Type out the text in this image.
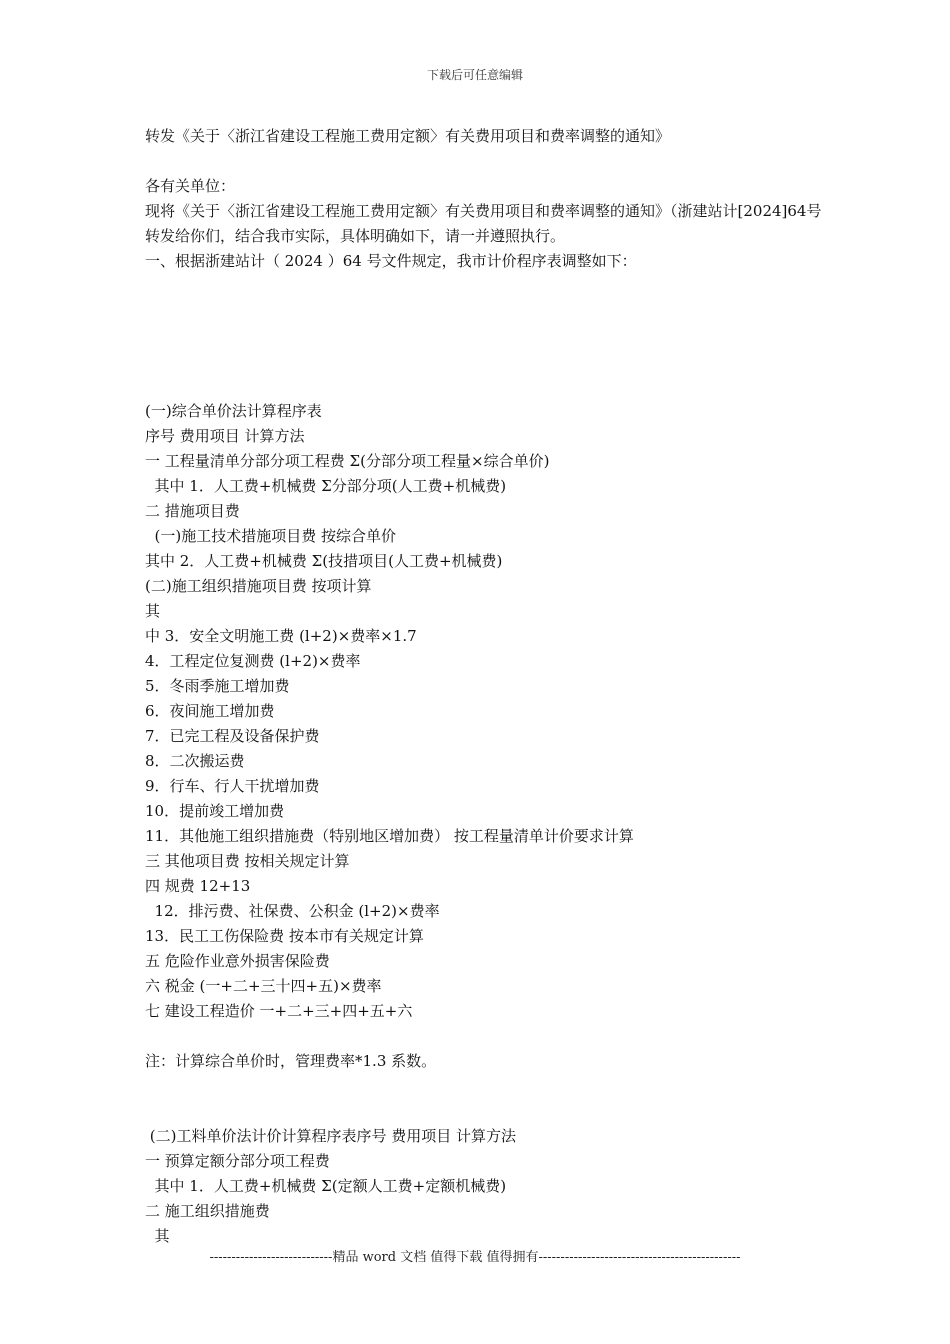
下载后可任意编辑
转发《关于〈浙江省建设工程施工费用定额〉有关费用项目和费率调整的通知》
各有关单位：
现将《关于〈浙江省建设工程施工费用定额〉有关费用项目和费率调整的通知》（浙建站计[2024]64号转发给你们，结合我市实际，具体明确如下，请一并遵照执行。
一、根据浙建站计（ 2024 ）64 号文件规定，我市计价程序表调整如下：
(一)综合单价法计算程序表
序号 费用项目 计算方法
一 工程量清单分部分项工程费 Σ(分部分项工程量×综合单价)
其中 1．人工费+机械费 Σ分部分项(人工费+机械费)
二 措施项目费
(一)施工技术措施项目费 按综合单价
其中 2．人工费+机械费 Σ(技措项目(人工费+机械费)
(二)施工组织措施项目费 按项计算
其
中 3．安全文明施工费 (l+2)×费率×1.7
4．工程定位复测费 (l+2)×费率
5．冬雨季施工增加费
6．夜间施工增加费
7．已完工程及设备保护费
8．二次搬运费
9．行车、行人干扰增加费
10．提前竣工增加费
11．其他施工组织措施费（特别地区增加费） 按工程量清单计价要求计算
三 其他项目费 按相关规定计算
四 规费 12+13
12．排污费、社保费、公积金 (l+2)×费率
13．民工工伤保险费 按本市有关规定计算
五 危险作业意外损害保险费
六 税金 (一+二+三十四+五)×费率
七 建设工程造价 一+二+三+四+五+六
注：计算综合单价时，管理费率*1.3 系数。
(二)工料单价法计价计算程序表序号 费用项目 计算方法
一 预算定额分部分项工程费
其中 1．人工费+机械费 Σ(定额人工费+定额机械费)
二 施工组织措施费
其
----------------------------精品 word 文档 值得下载 值得拥有----------------------------------------------
